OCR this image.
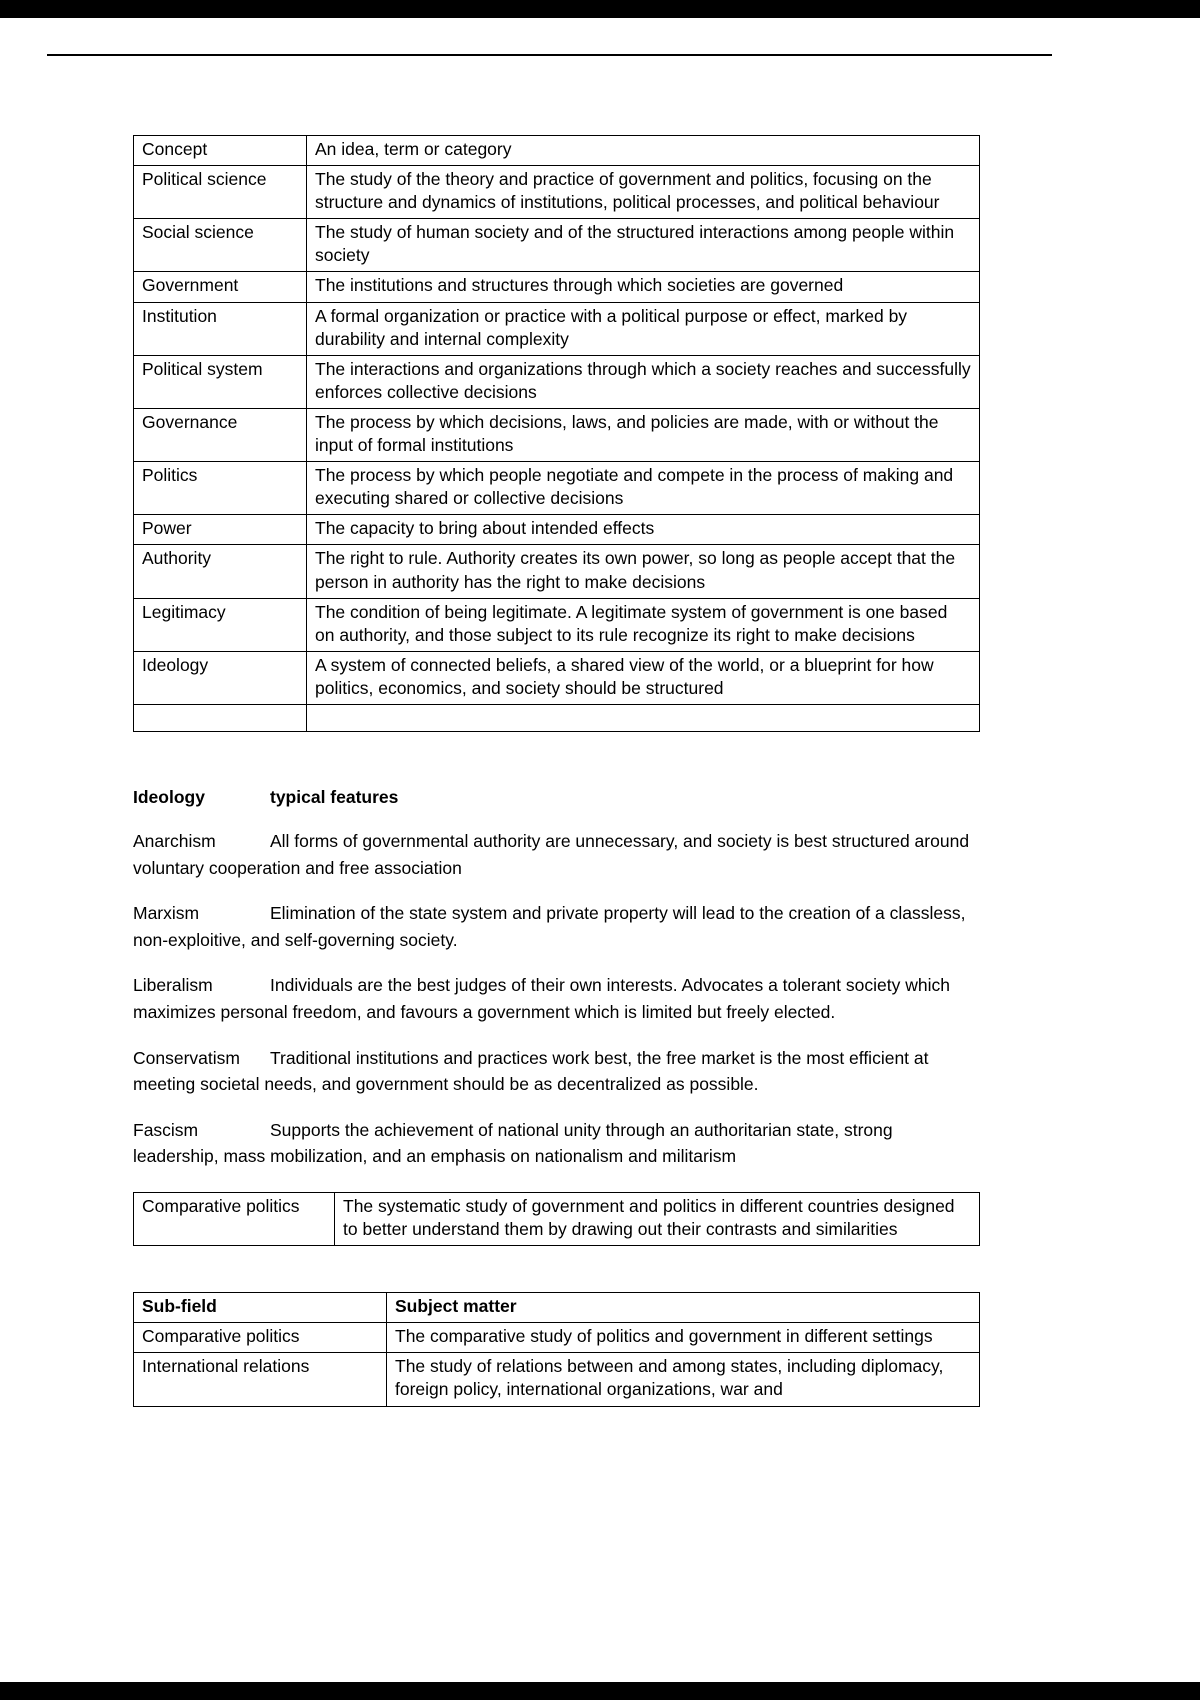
Concept	An idea, term or category
Political science	The study of the theory and practice of government and politics, focusing on the structure and dynamics of institutions, political processes, and political behaviour
Social science	The study of human society and of the structured interactions among people within society
Government	The institutions and structures through which societies are governed
Institution	A formal organization or practice with a political purpose or effect, marked by durability and internal complexity
Political system	The interactions and organizations through which a society reaches and successfully enforces collective decisions
Governance	The process by which decisions, laws, and policies are made, with or without the input of formal institutions
Politics	The process by which people negotiate and compete in the process of making and executing shared or collective decisions
Power	The capacity to bring about intended effects
Authority	The right to rule. Authority creates its own power, so long as people accept that the person in authority has the right to make decisions
Legitimacy	The condition of being legitimate. A legitimate system of government is one based on authority, and those subject to its rule recognize its right to make decisions
Ideology	A system of connected beliefs, a shared view of the world, or a blueprint for how politics, economics, and society should be structured

Ideology	typical features

Anarchism	All forms of governmental authority are unnecessary, and society is best structured around voluntary cooperation and free association

Marxism	Elimination of the state system and private property will lead to the creation of a classless, non-exploitive, and self-governing society.

Liberalism	Individuals are the best judges of their own interests. Advocates a tolerant society which maximizes personal freedom, and favours a government which is limited but freely elected.

Conservatism Traditional institutions and practices work best, the free market is the most efficient at meeting societal needs, and government should be as decentralized as possible.

Fascism	Supports the achievement of national unity through an authoritarian state, strong leadership, mass mobilization, and an emphasis on nationalism and militarism

Comparative politics	The systematic study of government and politics in different countries designed to better understand them by drawing out their contrasts and similarities
Sub-field	Subject matter
Comparative politics	The comparative study of politics and government in different settings
International relations	The study of relations between and among states, including diplomacy, foreign policy, international organizations, war and
